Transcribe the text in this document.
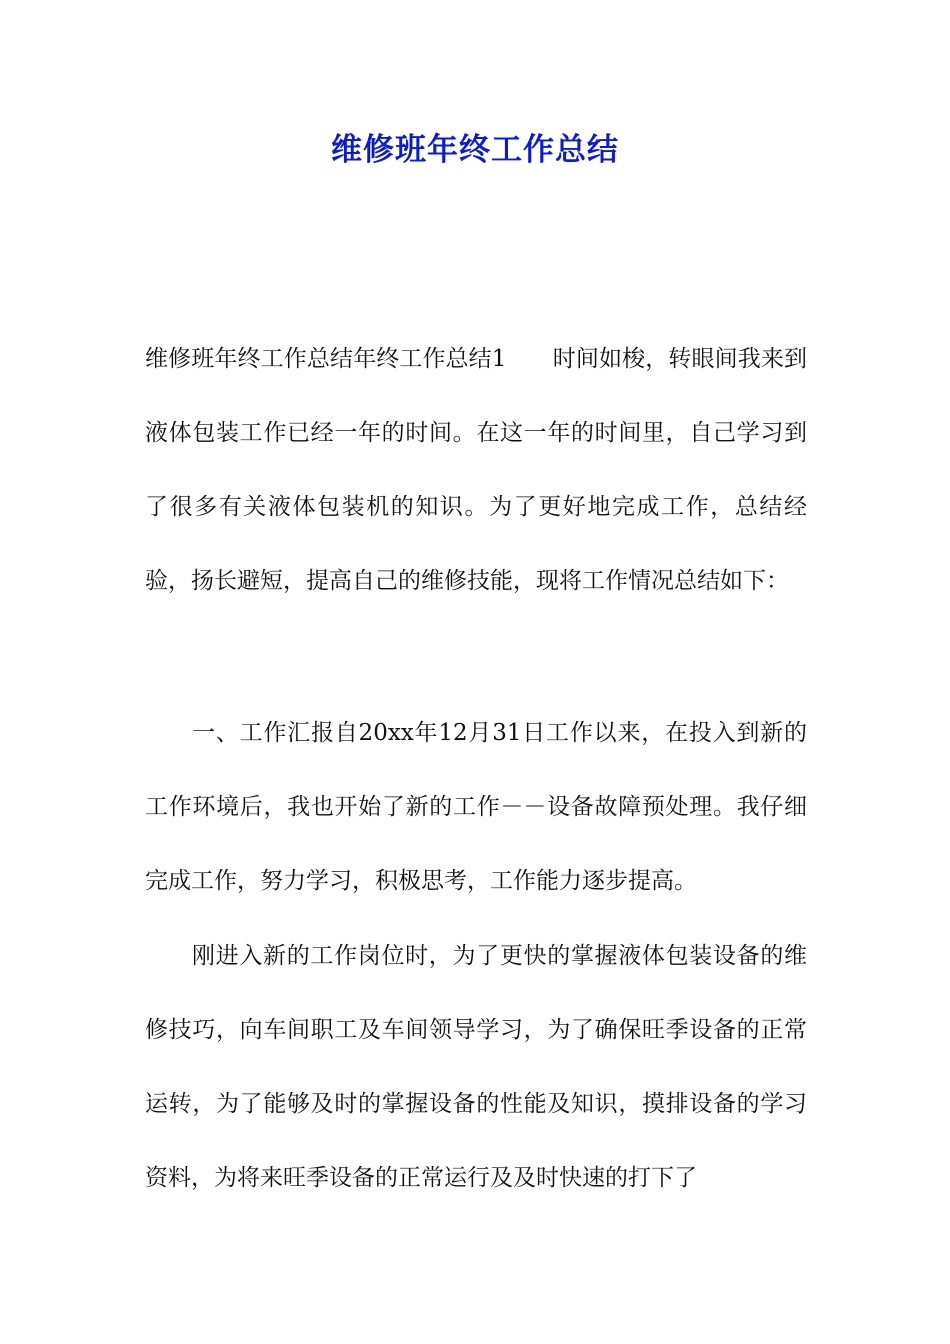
维修班年终工作总结

维修班年终工作总结年终工作总结1　　时间如梭，转眼间我来到液体包装工作已经一年的时间。在这一年的时间里，自己学习到了很多有关液体包装机的知识。为了更好地完成工作，总结经验，扬长避短，提高自己的维修技能，现将工作情况总结如下：

一、工作汇报自20xx年12月31日工作以来，在投入到新的工作环境后，我也开始了新的工作－－设备故障预处理。我仔细完成工作，努力学习，积极思考，工作能力逐步提高。

刚进入新的工作岗位时，为了更快的掌握液体包装设备的维修技巧，向车间职工及车间领导学习，为了确保旺季设备的正常运转，为了能够及时的掌握设备的性能及知识，摸排设备的学习资料，为将来旺季设备的正常运行及及时快速的打下了
